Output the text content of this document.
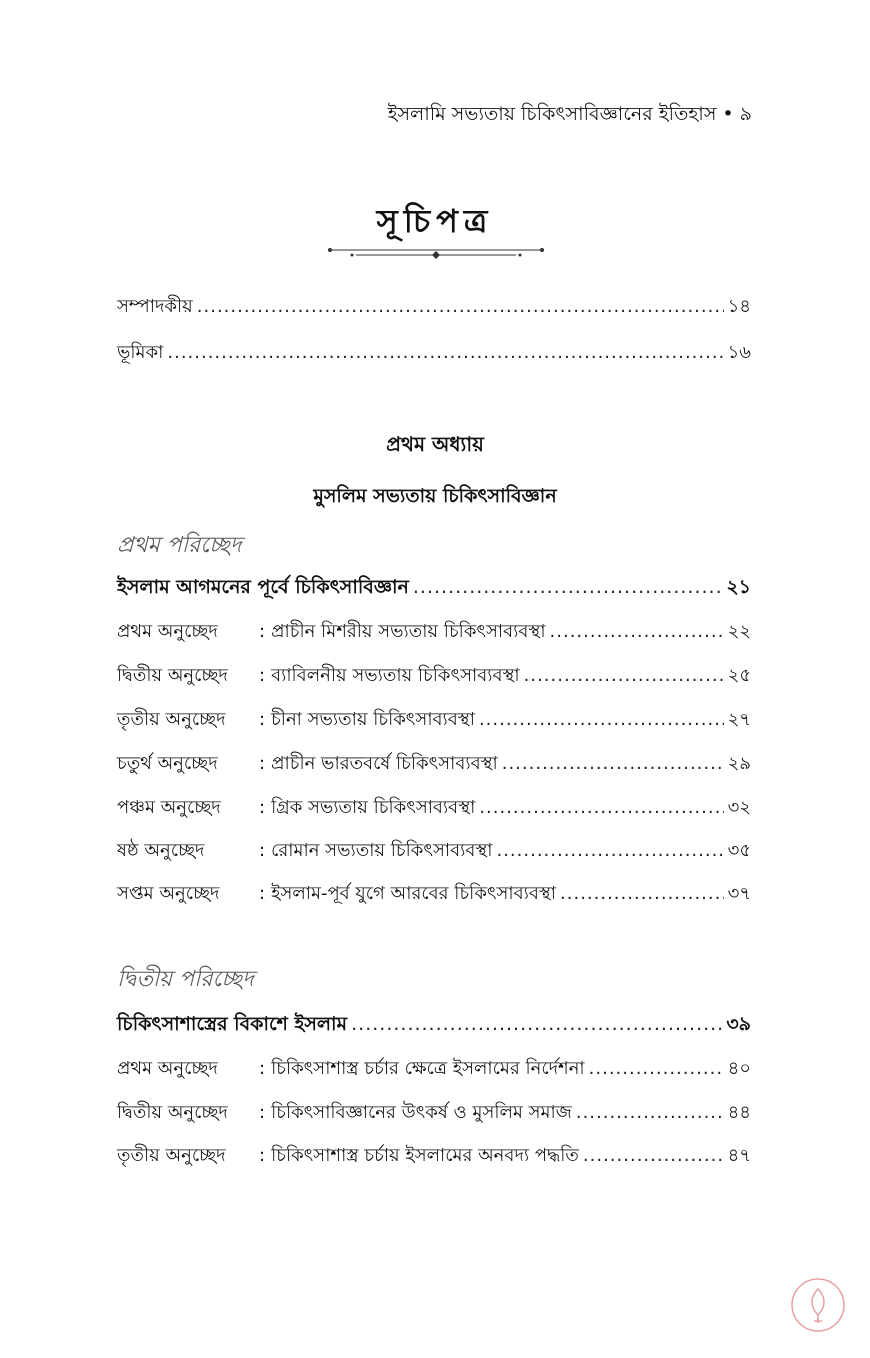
ইসলামি সভ্যতায় চিকিৎসাবিজ্ঞানের ইতিহাস • ৯
সূচিপত্র
সম্পাদকীয় .....	১৪
ভূমিকা .....	১৬
প্রথম অধ্যায়
মুসলিম সভ্যতায় চিকিৎসাবিজ্ঞান
প্রথম পরিচ্ছেদ
ইসলাম আগমনের পূর্বে চিকিৎসাবিজ্ঞান .....	২১
প্রথম অনুচ্ছেদ	: প্রাচীন মিশরীয় সভ্যতায় চিকিৎসাব্যবস্থা .....	২২
দ্বিতীয় অনুচ্ছেদ	: ব্যাবিলনীয় সভ্যতায় চিকিৎসাব্যবস্থা .....	২৫
তৃতীয় অনুচ্ছেদ	: চীনা সভ্যতায় চিকিৎসাব্যবস্থা .....	২৭
চতুর্থ অনুচ্ছেদ	: প্রাচীন ভারতবর্ষে চিকিৎসাব্যবস্থা .....	২৯
পঞ্চম অনুচ্ছেদ	: গ্রিক সভ্যতায় চিকিৎসাব্যবস্থা .....	৩২
ষষ্ঠ অনুচ্ছেদ	: রোমান সভ্যতায় চিকিৎসাব্যবস্থা .....	৩৫
সপ্তম অনুচ্ছেদ	: ইসলাম-পূর্ব যুগে আরবের চিকিৎসাব্যবস্থা .....	৩৭
দ্বিতীয় পরিচ্ছেদ
চিকিৎসাশাস্ত্রের বিকাশে ইসলাম .....	৩৯
প্রথম অনুচ্ছেদ	: চিকিৎসাশাস্ত্র চর্চার ক্ষেত্রে ইসলামের নির্দেশনা .....	৪০
দ্বিতীয় অনুচ্ছেদ	: চিকিৎসাবিজ্ঞানের উৎকর্ষ ও মুসলিম সমাজ .....	৪৪
তৃতীয় অনুচ্ছেদ	: চিকিৎসাশাস্ত্র চর্চায় ইসলামের অনবদ্য পদ্ধতি .....	৪৭
